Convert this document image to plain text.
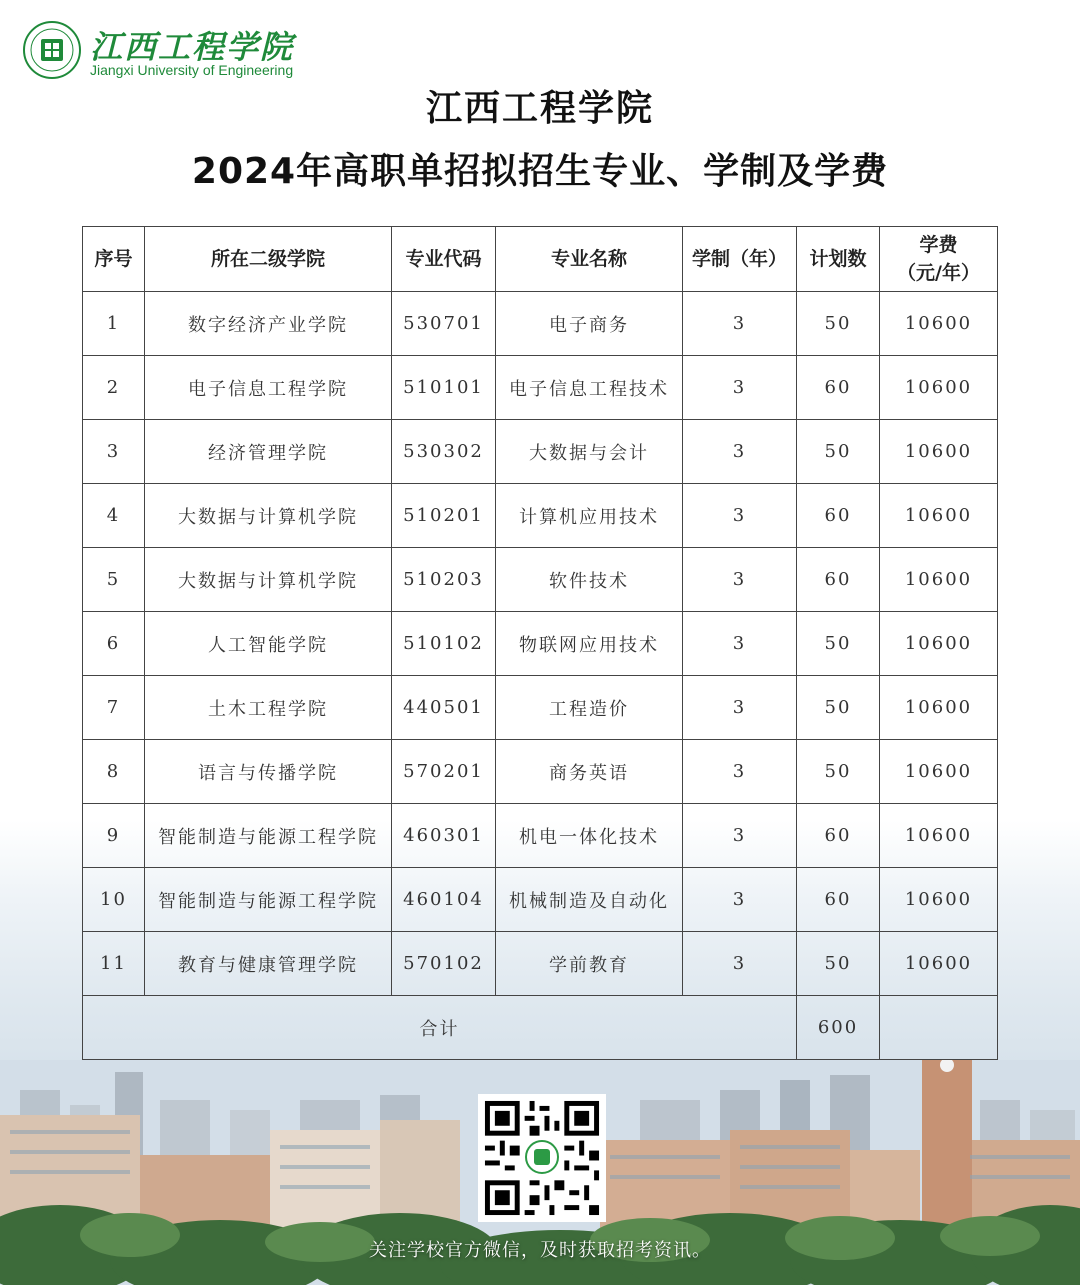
江西工程学院
Jiangxi University of Engineering
江西工程学院
2024年高职单招拟招生专业、学制及学费
序号	所在二级学院	专业代码	专业名称	学制（年）	计划数	学费
（元/年）

1	数字经济产业学院	530701	电子商务	3	50	10600
2	电子信息工程学院	510101	电子信息工程技术	3	60	10600
3	经济管理学院	530302	大数据与会计	3	50	10600
4	大数据与计算机学院	510201	计算机应用技术	3	60	10600
5	大数据与计算机学院	510203	软件技术	3	60	10600
6	人工智能学院	510102	物联网应用技术	3	50	10600
7	土木工程学院	440501	工程造价	3	50	10600
8	语言与传播学院	570201	商务英语	3	50	10600
9	智能制造与能源工程学院	460301	机电一体化技术	3	60	10600
10	智能制造与能源工程学院	460104	机械制造及自动化	3	60	10600
11	教育与健康管理学院	570102	学前教育	3	50	10600
合计					600	
关注学校官方微信，及时获取招考资讯。
